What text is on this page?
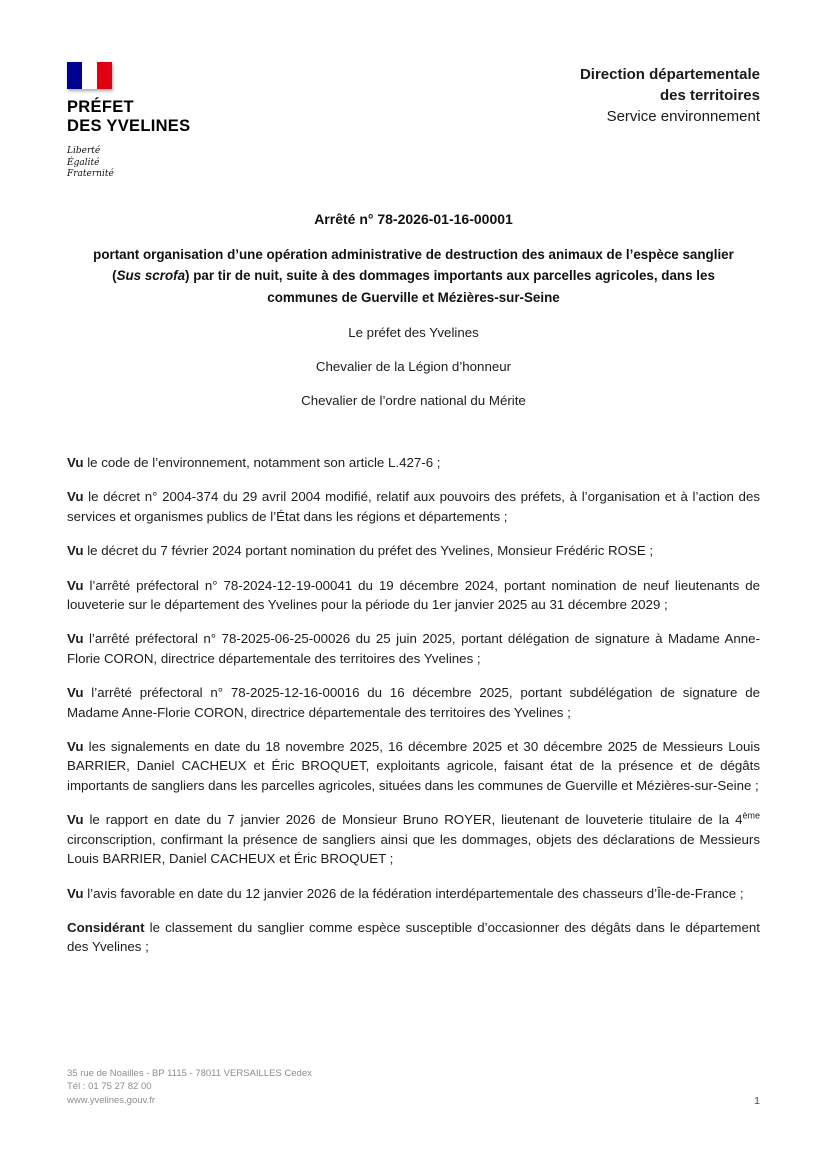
PRÉFET
DES YVELINES
Liberté
Égalité
Fraternité
Direction départementale
des territoires
Service environnement
Arrêté n° 78-2026-01-16-00001
portant organisation d’une opération administrative de destruction des animaux de l’espèce sanglier (Sus scrofa) par tir de nuit, suite à des dommages importants aux parcelles agricoles, dans les communes de Guerville et Mézières-sur-Seine

Le préfet des Yvelines

Chevalier de la Légion d’honneur

Chevalier de l’ordre national du Mérite

Vu le code de l’environnement, notamment son article L.427-6 ;

Vu le décret n° 2004-374 du 29 avril 2004 modifié, relatif aux pouvoirs des préfets, à l’organisation et à l’action des services et organismes publics de l’État dans les régions et départements ;

Vu le décret du 7 février 2024 portant nomination du préfet des Yvelines, Monsieur Frédéric ROSE ;

Vu l’arrêté préfectoral n° 78-2024-12-19-00041 du 19 décembre 2024, portant nomination de neuf lieutenants de louveterie sur le département des Yvelines pour la période du 1er janvier 2025 au 31 décembre 2029 ;

Vu l’arrêté préfectoral n° 78-2025-06-25-00026 du 25 juin 2025, portant délégation de signature à Madame Anne-Florie CORON, directrice départementale des territoires des Yvelines ;

Vu l’arrêté préfectoral n° 78-2025-12-16-00016 du 16 décembre 2025, portant subdélégation de signature de Madame Anne-Florie CORON, directrice départementale des territoires des Yvelines ;

Vu les signalements en date du 18 novembre 2025, 16 décembre 2025 et 30 décembre 2025 de Messieurs Louis BARRIER, Daniel CACHEUX et Éric BROQUET, exploitants agricole, faisant état de la présence et de dégâts importants de sangliers dans les parcelles agricoles, situées dans les communes de Guerville et Mézières-sur-Seine ;

Vu le rapport en date du 7 janvier 2026 de Monsieur Bruno ROYER, lieutenant de louveterie titulaire de la 4ème circonscription, confirmant la présence de sangliers ainsi que les dommages, objets des déclarations de Messieurs Louis BARRIER, Daniel CACHEUX et Éric BROQUET ;

Vu l’avis favorable en date du 12 janvier 2026 de la fédération interdépartementale des chasseurs d’Île-de-France ;

Considérant le classement du sanglier comme espèce susceptible d’occasionner des dégâts dans le département des Yvelines ;

35 rue de Noailles - BP 1115 - 78011 VERSAILLES Cedex
Tél : 01 75 27 82 00
www.yvelines.gouv.fr	1
